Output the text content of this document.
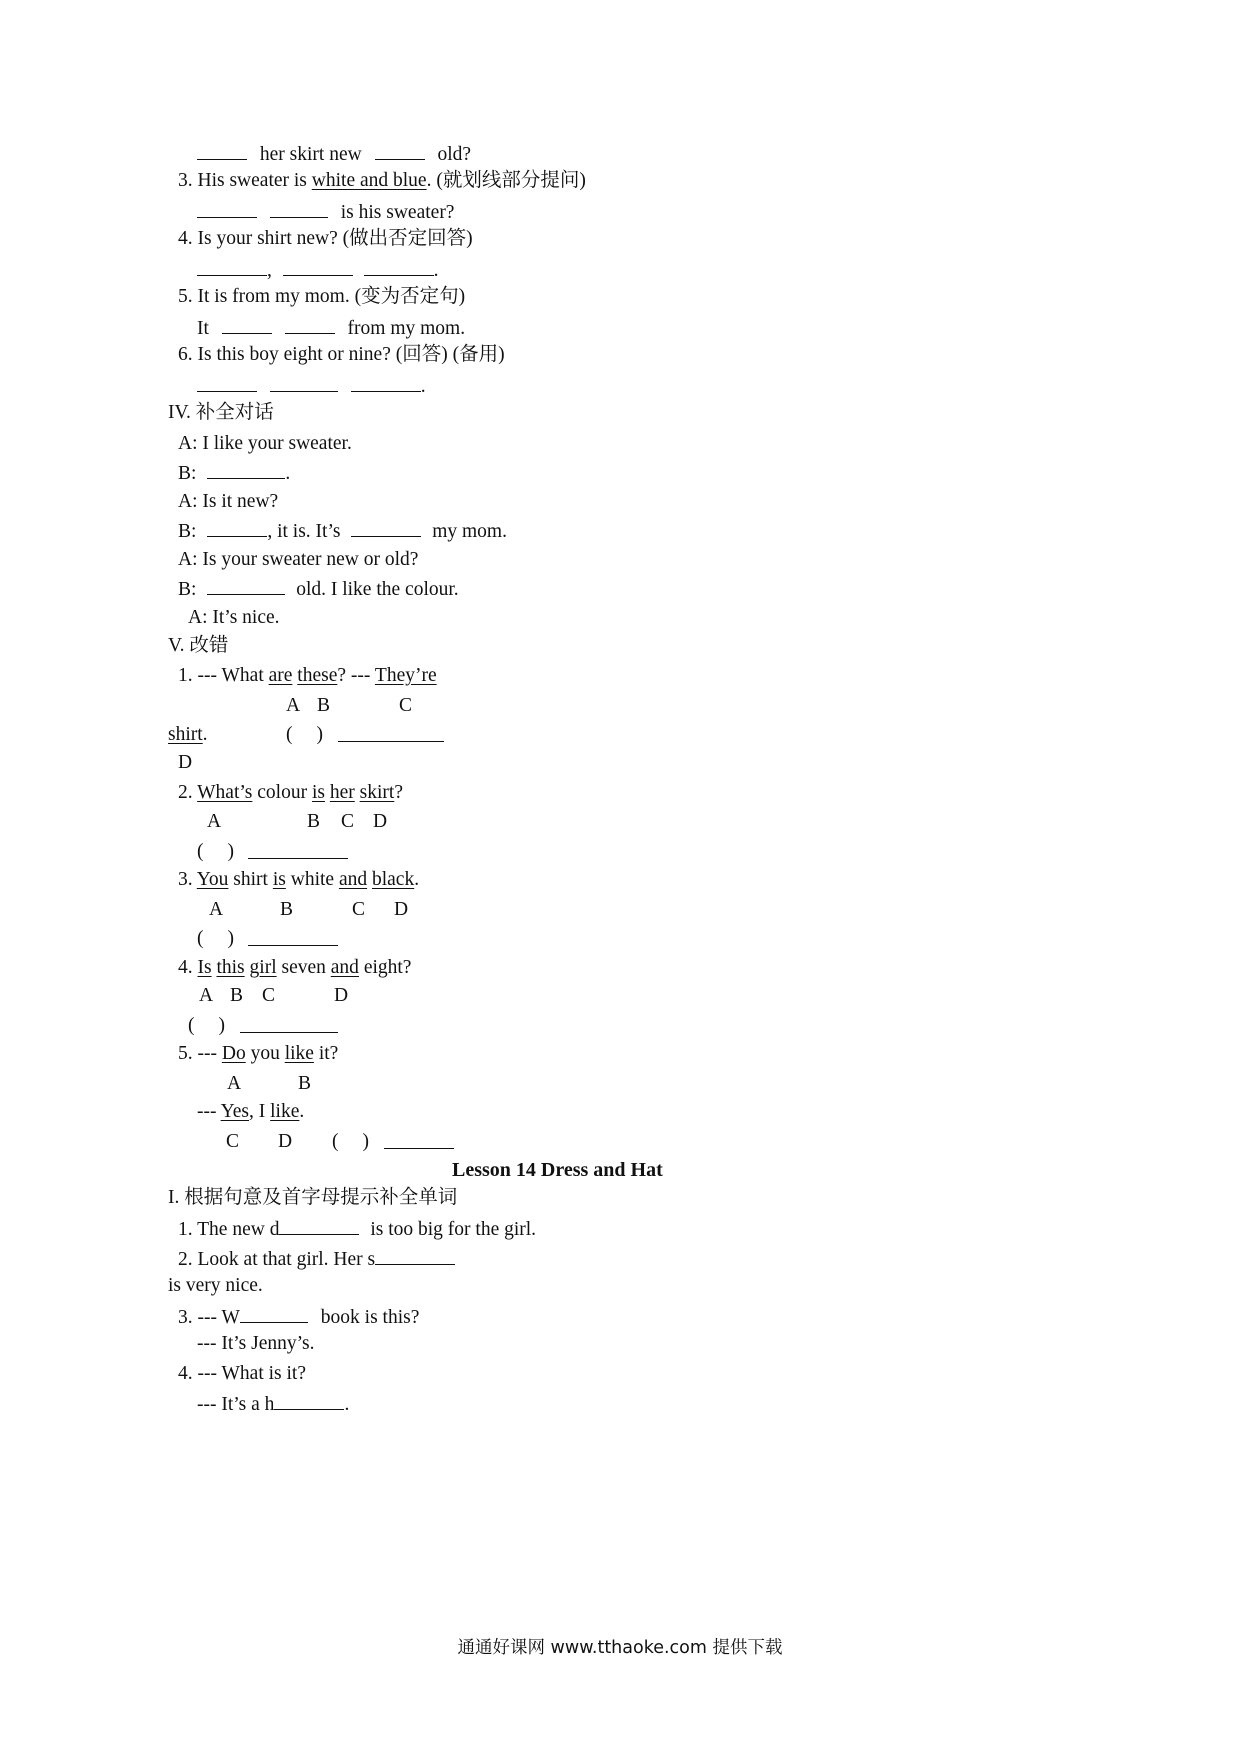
her skirt new	old?
3. His sweater is white and blue. (就划线部分提问)
is his sweater?
4. Is your shirt new? (做出否定回答)
,	.
5. It is from my mom. (变为否定句)
It	from my mom.
6. Is this boy eight or nine? (回答) (备用)
.
IV. 补全对话
A: I like your sweater.
B:	.
A: Is it new?
B:	, it is. It’s	my mom.
A: Is your sweater new or old?
B:	old. I like the colour.
A: It’s nice.
V. 改错
1. --- What are these? --- They’re
A B	C
shirt.	( )
D
2. What’s colour is her skirt?
A	B C D
( )
3. You shirt is white and black.
A	B	C D
( )
4. Is this girl seven and eight?
A B C	D
( )
5. --- Do you like it?
A	B
--- Yes, I like.
C D ( )
Lesson 14 Dress and Hat
I. 根据句意及首字母提示补全单词
1. The new d	is too big for the girl.
2. Look at that girl. Her s
is very nice.
3. --- W	book is this?
--- It’s Jenny’s.
4. --- What is it?
--- It’s a h	.
通通好课网 www.tthaoke.com 提供下载
